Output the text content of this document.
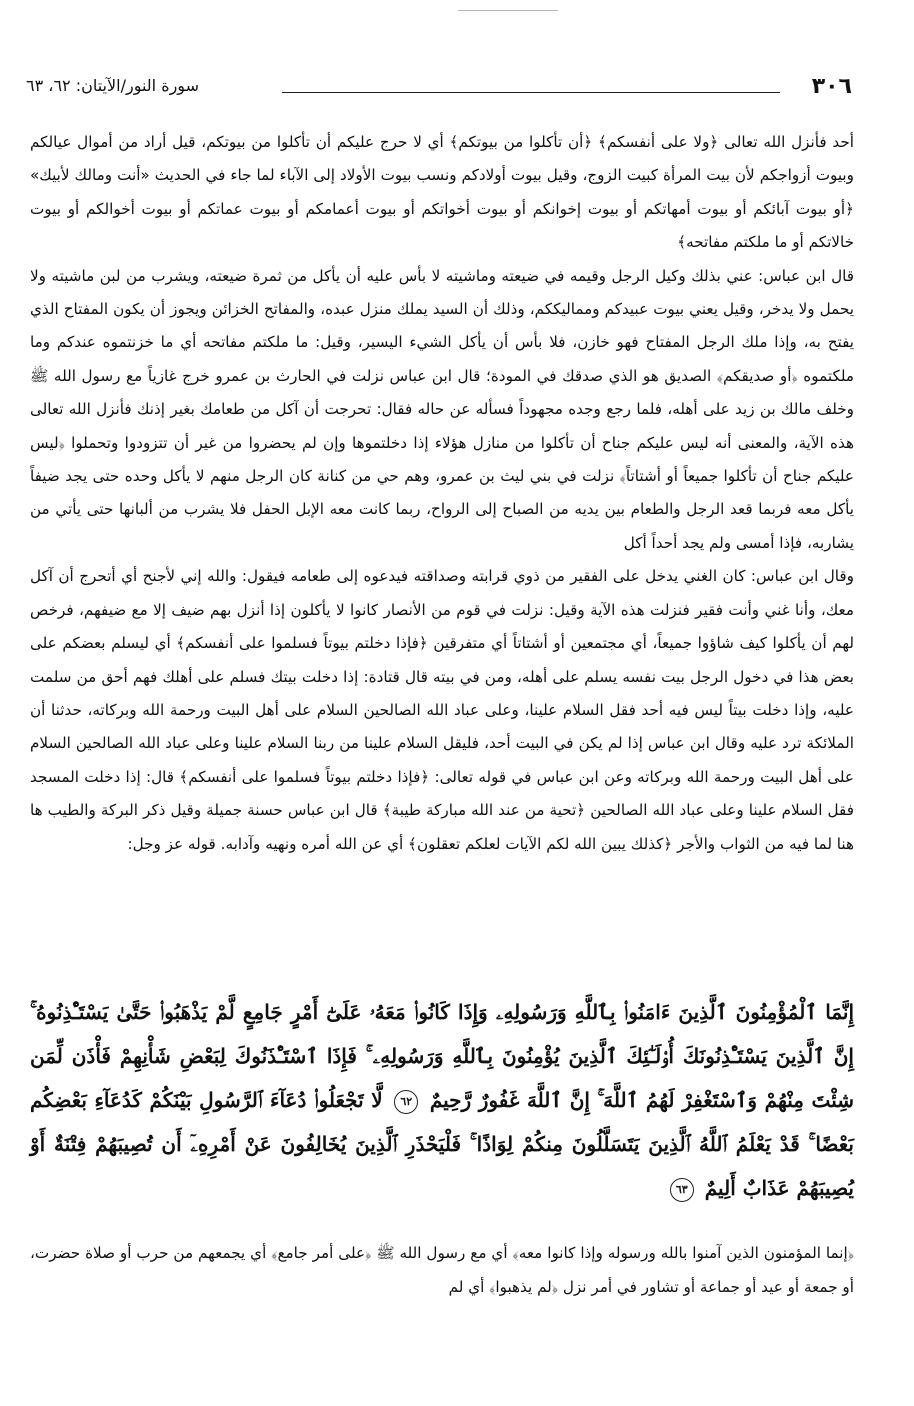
٣٠٦
سورة النور/الآيتان: ٦٢، ٦٣

أحد فأنزل الله تعالى ﴿ولا على أنفسكم﴾ ﴿أن تأكلوا من بيوتكم﴾ أي لا حرج عليكم أن تأكلوا من بيوتكم، قيل أراد من أموال عيالكم وبيوت أزواجكم لأن بيت المرأة كبيت الزوج، وقيل بيوت أولادكم ونسب بيوت الأولاد إلى الآباء لما جاء في الحديث «أنت ومالك لأبيك» ﴿أو بيوت آبائكم أو بيوت أمهاتكم أو بيوت إخوانكم أو بيوت أخواتكم أو بيوت أعمامكم أو بيوت عماتكم أو بيوت أخوالكم أو بيوت خالاتكم أو ما ملكتم مفاتحه﴾

قال ابن عباس: عني بذلك وكيل الرجل وقيمه في ضيعته وماشيته لا بأس عليه أن يأكل من ثمرة ضيعته، ويشرب من لبن ماشيته ولا يحمل ولا يدخر، وقيل يعني بيوت عبيدكم ومماليككم، وذلك أن السيد يملك منزل عبده، والمفاتح الخزائن ويجوز أن يكون المفتاح الذي يفتح به، وإذا ملك الرجل المفتاح فهو خازن، فلا بأس أن يأكل الشيء اليسير، وقيل: ما ملكتم مفاتحه أي ما خزنتموه عندكم وما ملكتموه ﴿أو صديقكم﴾ الصديق هو الذي صدقك في المودة؛ قال ابن عباس نزلت في الحارث بن عمرو خرج غازياً مع رسول الله ﷺ وخلف مالك بن زيد على أهله، فلما رجع وجده مجهوداً فسأله عن حاله فقال: تحرجت أن آكل من طعامك بغير إذنك فأنزل الله تعالى هذه الآية، والمعنى أنه ليس عليكم جناح أن تأكلوا من منازل هؤلاء إذا دخلتموها وإن لم يحضروا من غير أن تتزودوا وتحملوا ﴿ليس عليكم جناح أن تأكلوا جميعاً أو أشتاتاً﴾ نزلت في بني ليث بن عمرو، وهم حي من كنانة كان الرجل منهم لا يأكل وحده حتى يجد ضيفاً يأكل معه فربما قعد الرجل والطعام بين يديه من الصباح إلى الرواح، ربما كانت معه الإبل الحفل فلا يشرب من ألبانها حتى يأتي من يشاربه، فإذا أمسى ولم يجد أحداً أكل

وقال ابن عباس: كان الغني يدخل على الفقير من ذوي قرابته وصداقته فيدعوه إلى طعامه فيقول: والله إني لأجنح أي أتحرج أن آكل معك، وأنا غني وأنت فقير فنزلت هذه الآية وقيل: نزلت في قوم من الأنصار كانوا لا يأكلون إذا أنزل بهم ضيف إلا مع ضيفهم، فرخص لهم أن يأكلوا كيف شاؤوا جميعاً، أي مجتمعين أو أشتاتاً أي متفرقين ﴿فإذا دخلتم بيوتاً فسلموا على أنفسكم﴾ أي ليسلم بعضكم على بعض هذا في دخول الرجل بيت نفسه يسلم على أهله، ومن في بيته قال قتادة: إذا دخلت بيتك فسلم على أهلك فهم أحق من سلمت عليه، وإذا دخلت بيتاً ليس فيه أحد فقل السلام علينا، وعلى عباد الله الصالحين السلام على أهل البيت ورحمة الله وبركاته، حدثنا أن الملائكة ترد عليه وقال ابن عباس إذا لم يكن في البيت أحد، فليقل السلام علينا من ربنا السلام علينا وعلى عباد الله الصالحين السلام على أهل البيت ورحمة الله وبركاته وعن ابن عباس في قوله تعالى: ﴿فإذا دخلتم بيوتاً فسلموا على أنفسكم﴾ قال: إذا دخلت المسجد فقل السلام علينا وعلى عباد الله الصالحين ﴿تحية من عند الله مباركة طيبة﴾ قال ابن عباس حسنة جميلة وقيل ذكر البركة والطيب ها هنا لما فيه من الثواب والأجر ﴿كذلك يبين الله لكم الآيات لعلكم تعقلون﴾ أي عن الله أمره ونهيه وآدابه. قوله عز وجل:

إِنَّمَا ٱلْمُؤْمِنُونَ ٱلَّذِينَ ءَامَنُوا۟ بِٱللَّهِ وَرَسُولِهِۦ وَإِذَا كَانُوا۟ مَعَهُۥ عَلَىٰٓ أَمْرٍ جَامِعٍ لَّمْ يَذْهَبُوا۟ حَتَّىٰ يَسْتَـْٔذِنُوهُ ۚ إِنَّ ٱلَّذِينَ يَسْتَـْٔذِنُونَكَ أُو۟لَـٰٓئِكَ ٱلَّذِينَ يُؤْمِنُونَ بِٱللَّهِ وَرَسُولِهِۦ ۚ فَإِذَا ٱسْتَـْٔذَنُوكَ لِبَعْضِ شَأْنِهِمْ فَأْذَن لِّمَن شِئْتَ مِنْهُمْ وَٱسْتَغْفِرْ لَهُمُ ٱللَّهَ ۚ إِنَّ ٱللَّهَ غَفُورٌ رَّحِيمٌ ٦٢ لَّا تَجْعَلُوا۟ دُعَآءَ ٱلرَّسُولِ بَيْنَكُمْ كَدُعَآءِ بَعْضِكُم بَعْضًا ۚ قَدْ يَعْلَمُ ٱللَّهُ ٱلَّذِينَ يَتَسَلَّلُونَ مِنكُمْ لِوَاذًا ۚ فَلْيَحْذَرِ ٱلَّذِينَ يُخَالِفُونَ عَنْ أَمْرِهِۦٓ أَن تُصِيبَهُمْ فِتْنَةٌ أَوْ يُصِيبَهُمْ عَذَابٌ أَلِيمٌ ٦٣

﴿إنما المؤمنون الذين آمنوا بالله ورسوله وإذا كانوا معه﴾ أي مع رسول الله ﷺ ﴿على أمر جامع﴾ أي يجمعهم من حرب أو صلاة حضرت، أو جمعة أو عيد أو جماعة أو تشاور في أمر نزل ﴿لم يذهبوا﴾ أي لم
